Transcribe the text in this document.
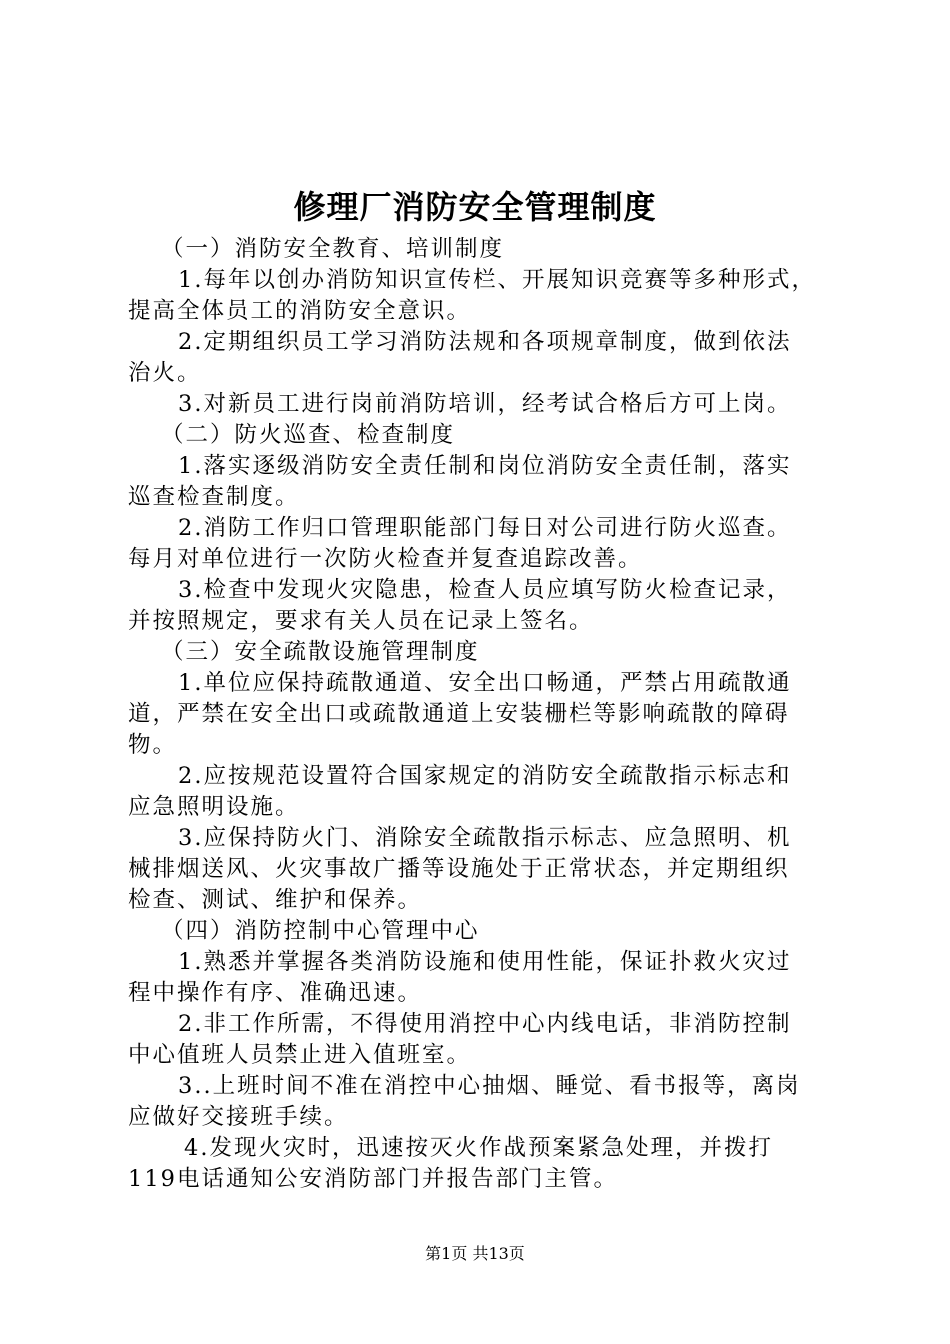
修理厂消防安全管理制度
（一）消防安全教育、培训制度
1.每年以创办消防知识宣传栏、开展知识竞赛等多种形式，
提高全体员工的消防安全意识。
2.定期组织员工学习消防法规和各项规章制度，做到依法
治火。
3.对新员工进行岗前消防培训，经考试合格后方可上岗。
（二）防火巡查、检查制度
1.落实逐级消防安全责任制和岗位消防安全责任制，落实
巡查检查制度。
2.消防工作归口管理职能部门每日对公司进行防火巡查。
每月对单位进行一次防火检查并复查追踪改善。
3.检查中发现火灾隐患，检查人员应填写防火检查记录，
并按照规定，要求有关人员在记录上签名。
（三）安全疏散设施管理制度
1.单位应保持疏散通道、安全出口畅通，严禁占用疏散通
道，严禁在安全出口或疏散通道上安装栅栏等影响疏散的障碍
物。
2.应按规范设置符合国家规定的消防安全疏散指示标志和
应急照明设施。
3.应保持防火门、消除安全疏散指示标志、应急照明、机
械排烟送风、火灾事故广播等设施处于正常状态，并定期组织
检查、测试、维护和保养。
（四）消防控制中心管理中心
1.熟悉并掌握各类消防设施和使用性能，保证扑救火灾过
程中操作有序、准确迅速。
2.非工作所需，不得使用消控中心内线电话，非消防控制
中心值班人员禁止进入值班室。
3..上班时间不准在消控中心抽烟、睡觉、看书报等，离岗
应做好交接班手续。
4.发现火灾时，迅速按灭火作战预案紧急处理，并拨打
119电话通知公安消防部门并报告部门主管。
第1页 共13页
